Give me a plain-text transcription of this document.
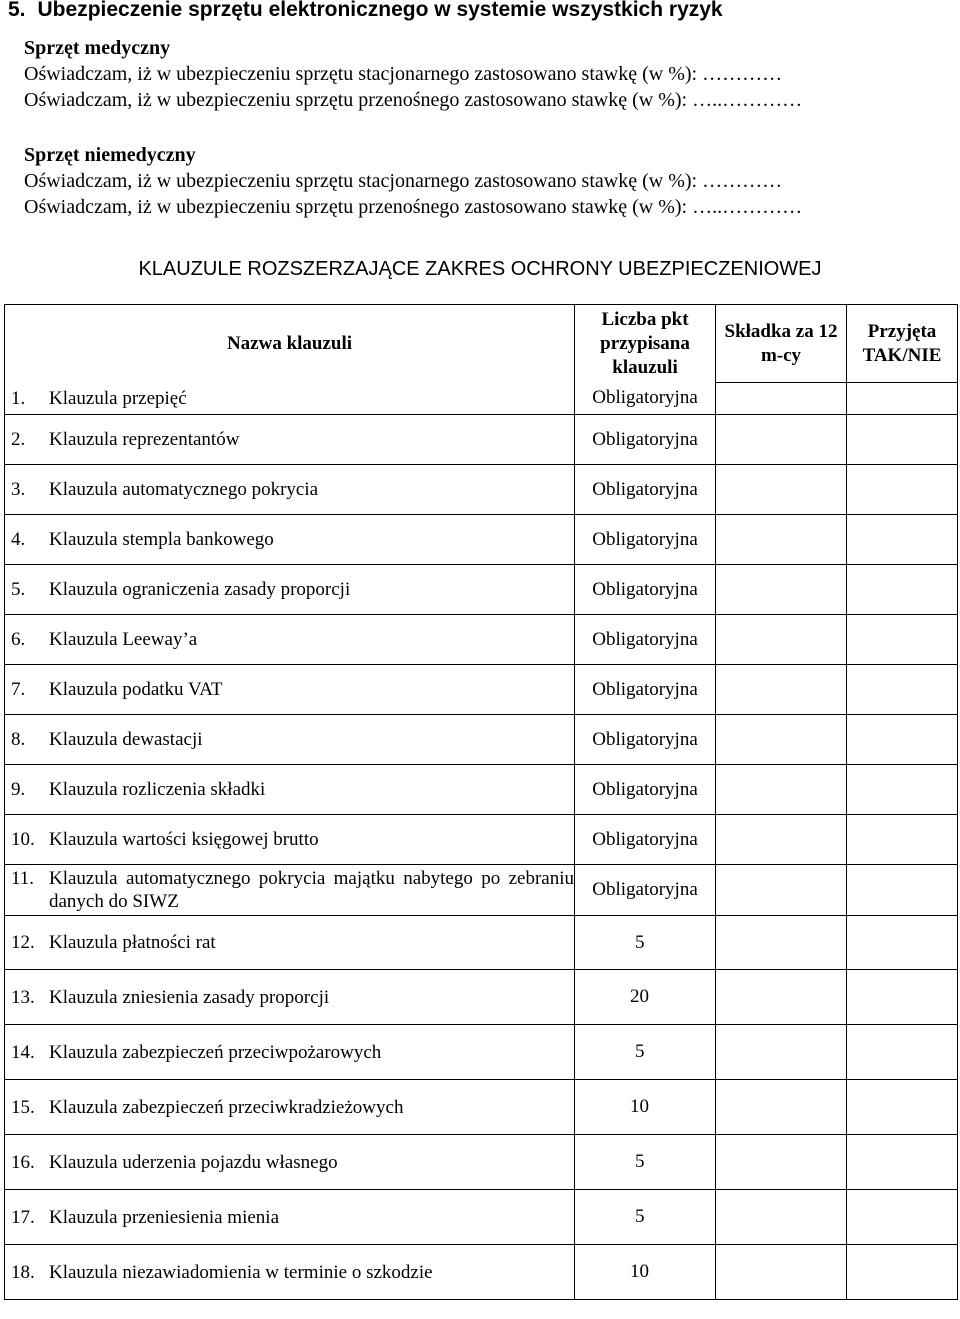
5. Ubezpieczenie sprzętu elektronicznego w systemie wszystkich ryzyk
Sprzęt medyczny
Oświadczam, iż w ubezpieczeniu sprzętu stacjonarnego zastosowano stawkę (w %): …………
Oświadczam, iż w ubezpieczeniu sprzętu przenośnego zastosowano stawkę (w %): …..…………
Sprzęt niemedyczny
Oświadczam, iż w ubezpieczeniu sprzętu stacjonarnego zastosowano stawkę (w %): …………
Oświadczam, iż w ubezpieczeniu sprzętu przenośnego zastosowano stawkę (w %): …..…………
KLAUZULE ROZSZERZAJĄCE ZAKRES OCHRONY UBEZPIECZENIOWEJ
Nazwa klauzuli	Liczba pkt przypisana klauzuli	Składka za 12 m-cy	Przyjęta TAK/NIE

1. Klauzula przepięć	Obligatoryjna		

2. Klauzula reprezentantów	Obligatoryjna		

3. Klauzula automatycznego pokrycia	Obligatoryjna		

4. Klauzula stempla bankowego	Obligatoryjna		

5. Klauzula ograniczenia zasady proporcji	Obligatoryjna		

6. Klauzula Leeway’a	Obligatoryjna		

7. Klauzula podatku VAT	Obligatoryjna		

8. Klauzula dewastacji	Obligatoryjna		

9. Klauzula rozliczenia składki	Obligatoryjna		

10. Klauzula wartości księgowej brutto	Obligatoryjna		

11. Klauzula automatycznego pokrycia majątku nabytego po zebraniu danych do SIWZ	Obligatoryjna		

12. Klauzula płatności rat	5		

13. Klauzula zniesienia zasady proporcji	20		

14. Klauzula zabezpieczeń przeciwpożarowych	5		

15. Klauzula zabezpieczeń przeciwkradzieżowych	10		

16. Klauzula uderzenia pojazdu własnego	5		

17. Klauzula przeniesienia mienia	5		

18. Klauzula niezawiadomienia w terminie o szkodzie	10		
